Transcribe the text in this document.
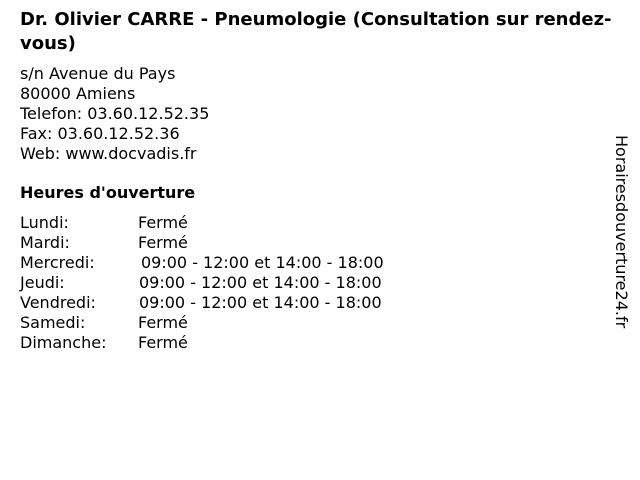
Dr. Olivier CARRE - Pneumologie (Consultation sur rendez-vous)
s/n Avenue du Pays
80000 Amiens
Telefon: 03.60.12.52.35
Fax: 03.60.12.52.36
Web: www.docvadis.fr
Heures d'ouverture
Lundi:	Fermé
Mardi:	Fermé
Mercredi:	09:00 - 12:00 et 14:00 - 18:00
Jeudi:	09:00 - 12:00 et 14:00 - 18:00
Vendredi:	09:00 - 12:00 et 14:00 - 18:00
Samedi:	Fermé
Dimanche: Fermé
Horairesdouverture24.fr
